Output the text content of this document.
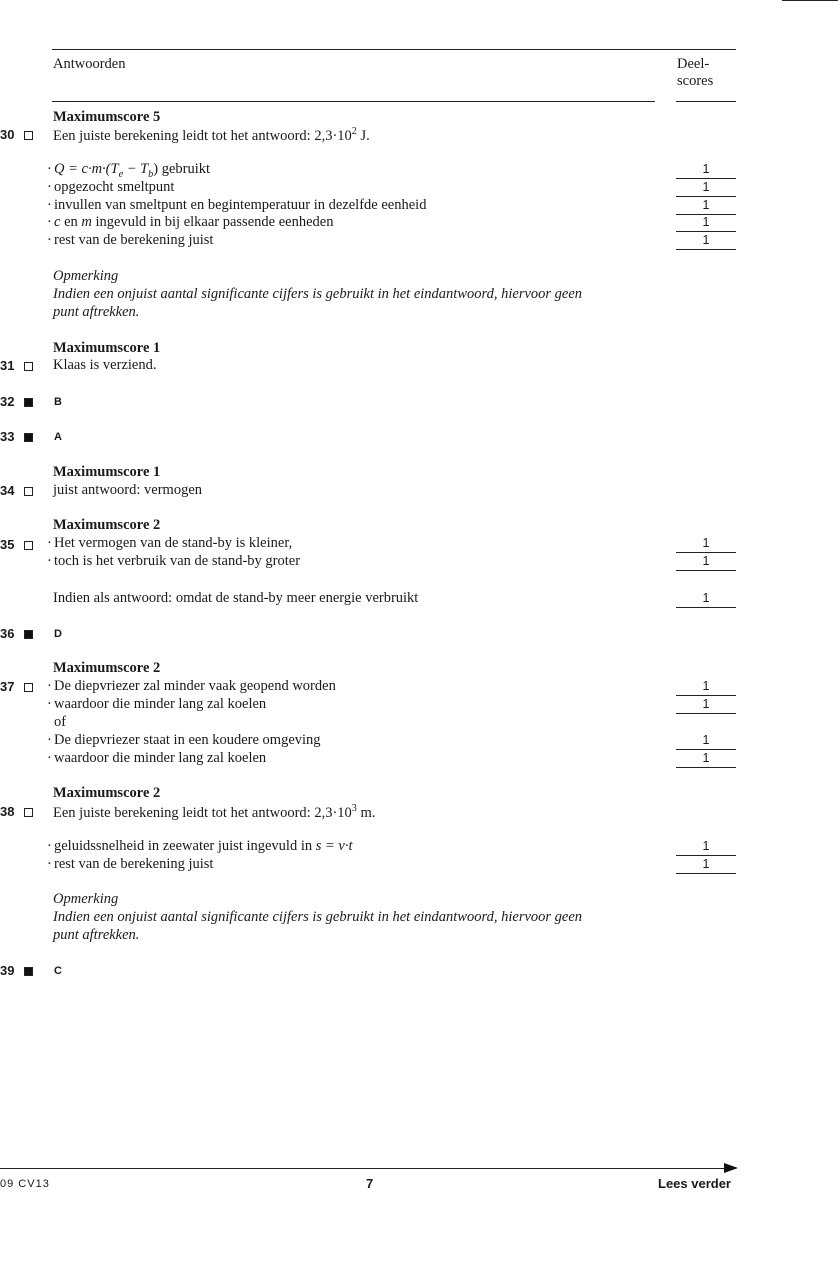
Antwoorden	Deel-
scores
Maximumscore 5
30	Een juiste berekening leidt tot het antwoord: $2,3\cdot 10^2$ J.
· $Q = c\cdot m\cdot(T_e - T_b)$ gebruikt	1
· opgezocht smeltpunt	1
· invullen van smeltpunt en begintemperatuur in dezelfde eenheid	1
· c en m ingevuld in bij elkaar passende eenheden	1
· rest van de berekening juist	1
Opmerking
Indien een onjuist aantal significante cijfers is gebruikt in het eindantwoord, hiervoor geen
punt aftrekken.
Maximumscore 1
31	Klaas is verziend.
32	B
33	A
Maximumscore 1
34	juist antwoord: vermogen
Maximumscore 2
35 · Het vermogen van de stand-by is kleiner,	1
· toch is het verbruik van de stand-by groter	1
Indien als antwoord: omdat de stand-by meer energie verbruikt	1
36	D
Maximumscore 2
37 · De diepvriezer zal minder vaak geopend worden	1
· waardoor die minder lang zal koelen	1
of
· De diepvriezer staat in een koudere omgeving	1
· waardoor die minder lang zal koelen	1
Maximumscore 2
38	Een juiste berekening leidt tot het antwoord: $2,3\cdot 10^3$ m.
· geluidssnelheid in zeewater juist ingevuld in s = v·t	1
· rest van de berekening juist	1
Opmerking
Indien een onjuist aantal significante cijfers is gebruikt in het eindantwoord, hiervoor geen
punt aftrekken.
39	C
09 CV13	7	Lees verder
